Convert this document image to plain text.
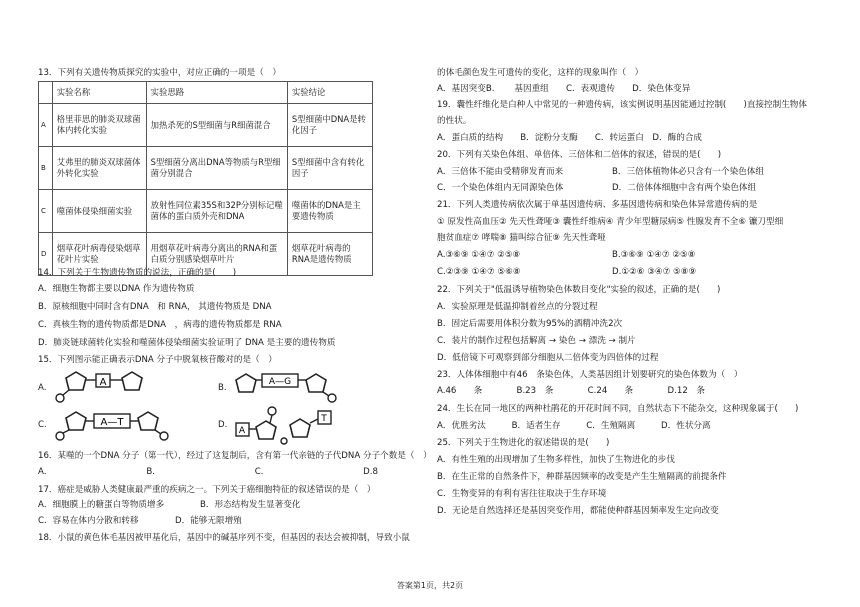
13．下列有关遗传物质探究的实验中，对应正确的一项是（　）
	实验名称	实验思路	实验结论
A	格里菲思的肺炎双球菌体内转化实验	加热杀死的S型细菌与R细菌混合	S型细菌中DNA是转化因子
B	艾弗里的肺炎双球菌体外转化实验	S型细菌分离出DNA等物质与R型细菌分别混合	S型细菌中含有转化因子
C	噬菌体侵染细菌实验	放射性同位素35S和32P分别标记噬菌体的蛋白质外壳和DNA	噬菌体的DNA是主要遗传物质
D	烟草花叶病毒侵染烟草花叶片实验	用烟草花叶病毒分离出的RNA和蛋白质分别感染烟草叶片	烟草花叶病毒的RNA是遗传物质
14．下列关于生物遗传物质的说法，正确的是(　　)
A．细胞生物都主要以DNA 作为遗传物质
B．原核细胞中同时含有DNA　和 RNA， 其遗传物质是 DNA
C．真核生物的遗传物质都是DNA　，病毒的遗传物质都是 RNA
D．肺炎链球菌转化实验和噬菌体侵染细菌实验证明了 DNA 是主要的遗传物质
15．下列图示能正确表示DNA 分子中脱氧核苷酸对的是（　）
A.	A	B.
A—G
C.	A—T	D.
A
T
16．某噬的一个DNA 分子（第一代），经过了这复制后，含有第一代亲链的子代DNA 分子个数是（　）
A．	B．	C．	D.8
17．癌症是威胁人类健康最严重的疾病之一。下列关于癌细胞特征的叙述错误的是（　）
A．细胞膜上的糖蛋白等物质增多	B．形态结构发生显著变化
C．容易在体内分散和转移	D．能够无限增殖
18．小鼠的黄色体毛基因被甲基化后，基因中的碱基序列不变，但基因的表达会被抑制，导致小鼠
的体毛颜色发生可遗传的变化，这样的现象叫作（　）
A．基因突变B.　　 基因重组　　C．表观遗传　　D．染色体变异
19．囊性纤维化是白种人中常见的一种遗传病，该实例说明基因能通过控制(　　)直接控制生物体
的性状。
A．蛋白质的结构　　B．淀粉分支酶　　C．转运蛋白　D．酶的合成
20．下列有关染色体组、单倍体、三倍体和二倍体的叙述，错误的是(　　)
A．三倍体不能由受精卵发育而来	B．三倍体植物体必只含有一个染色体组
C．一个染色体组内无同源染色体	D．二倍体体细胞中含有两个染色体组
21．下列人类遗传病依次属于单基因遗传病、多基因遗传病和染色体异常遗传病的是
① 原发性高血压② 先天性聋哑③ 囊性纤维病④ 青少年型糖尿病⑤ 性腺发育不全⑥ 镰刀型细
胞贫血症⑦ 哮喘⑧ 猫叫综合征⑨ 先天性聋哑
A.③⑥⑨ ①④⑦ ②⑤⑧	B.③⑥⑨ ①④⑦ ②⑤⑧
C.②③⑨ ①④⑦ ⑤⑥⑧	D.①②⑥ ③④⑦ ⑤⑧⑨
22．下列关于"低温诱导植物染色体数目变化"实验的叙述，正确的是(　　)
A．实验原理是低温抑制着丝点的分裂过程
B．固定后需要用体积分数为95%的酒精冲洗2次
C．装片的制作过程包括解离 → 染色 → 漂洗 → 制片
D．低倍镜下可观察到部分细胞从二倍体变为四倍体的过程
23．人体体细胞中有46　条染色体，人类基因组计划要研究的染色体数为（　）
A.46　　条　　　　B.23　条　　　　C.24　　条　　　　D.12　条
24．生长在同一地区的两种杜鹃花的开花时间不同，自然状态下不能杂交，这种现象属于(　　)
A．优胜劣汰　　　B．适者生存　　　C．生殖隔离　　　D．性状分离
25．下列关于生物进化的叙述错误的是(　　)
A．有性生殖的出现增加了生物多样性，加快了生物进化的步伐
B．在生正常的自然条件下，种群基因频率的改变是产生生殖隔离的前提条件
C．生物变异的有利有害往往取决于生存环境
D．无论是自然选择还是基因突变作用，都能使种群基因频率发生定向改变
答案第1页，共2页
